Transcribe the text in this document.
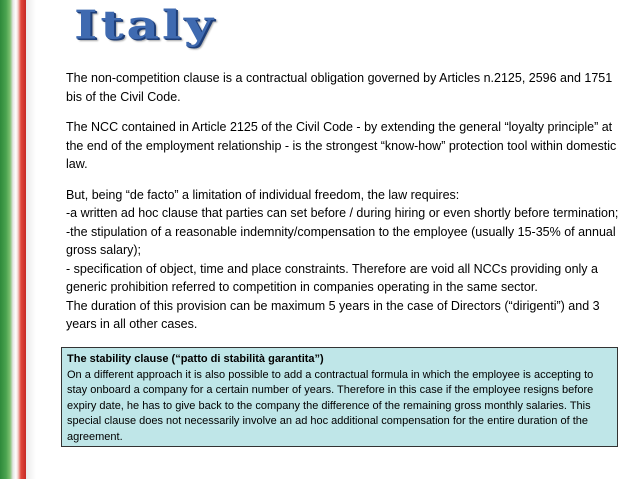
Italy

The non-competition clause is a contractual obligation governed by Articles n.2125, 2596 and 1751 bis of the Civil Code.

The NCC contained in Article 2125 of the Civil Code - by extending the general “loyalty principle” at the end of the employment relationship - is the strongest “know-how” protection tool within domestic law.

But, being “de facto” a limitation of individual freedom, the law requires:

-a written ad hoc clause that parties can set before / during hiring or even shortly before termination;

-the stipulation of a reasonable indemnity/compensation to the employee (usually 15-35% of annual gross salary);

- specification of object, time and place constraints. Therefore are void all NCCs providing only a generic prohibition referred to competition in companies operating in the same sector.

The duration of this provision can be maximum 5 years in the case of Directors (“dirigenti”) and 3 years in all other cases.

The stability clause (“patto di stabilità garantita”)
On a different approach it is also possible to add a contractual formula in which the employee is accepting to stay onboard a company for a certain number of years. Therefore in this case if the employee resigns before expiry date, he has to give back to the company the difference of the remaining gross monthly salaries. This special clause does not necessarily involve an ad hoc additional compensation for the entire duration of the agreement.
